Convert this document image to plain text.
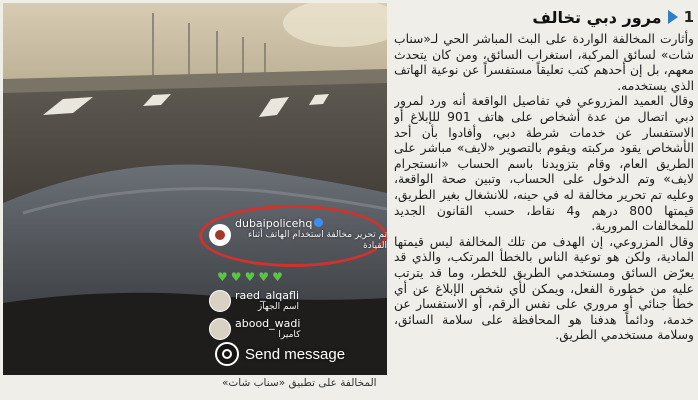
dubaipolicehq
تم تحرير مخالفة استخدام الهاتف أثناء القيادة
♥ ♥ ♥ ♥ ♥
raed_alqafli
اسم الجهاز
abood_wadi
كاميرا
Send message
المخالفة على تطبيق «سناب شات»
1
مرور دبي تخالف

وأثارت المخالفة الواردة على البث المباشر الحي لـ«سناب شات» لسائق المركبة، استغراب السائق، ومن كان يتحدث معهم، بل إن أحدهم كتب تعليقاً مستفسراً عن نوعية الهاتف الذي يستخدمه.

وقال العميد المزروعي في تفاصيل الواقعة أنه ورد لمرور دبي اتصال من عدة أشخاص على هاتف 901 للإبلاغ أو الاستفسار عن خدمات شرطة دبي، وأفادوا بأن أحد الأشخاص يقود مركبته ويقوم بالتصوير «لايف» مباشر على الطريق العام، وقام بتزويدنا باسم الحساب «انستجرام لايف» وتم الدخول على الحساب، وتبين صحة الواقعة، وعليه تم تحرير مخالفة له في حينه، للانشغال بغير الطريق، قيمتها 800 درهم و4 نقاط، حسب القانون الجديد للمخالفات المرورية.

وقال المزروعي، إن الهدف من تلك المخالفة ليس قيمتها المادية، ولكن هو توعية الناس بالخطأ المرتكب، والذي قد يعرّض السائق ومستخدمي الطريق للخطر، وما قد يترتب عليه من خطورة الفعل، ويمكن لأي شخص الإبلاغ عن أي خطأ جنائي أو مروري على نفس الرقم، أو الاستفسار عن خدمة، ودائماً هدفنا هو المحافظة على سلامة السائق، وسلامة مستخدمي الطريق.
